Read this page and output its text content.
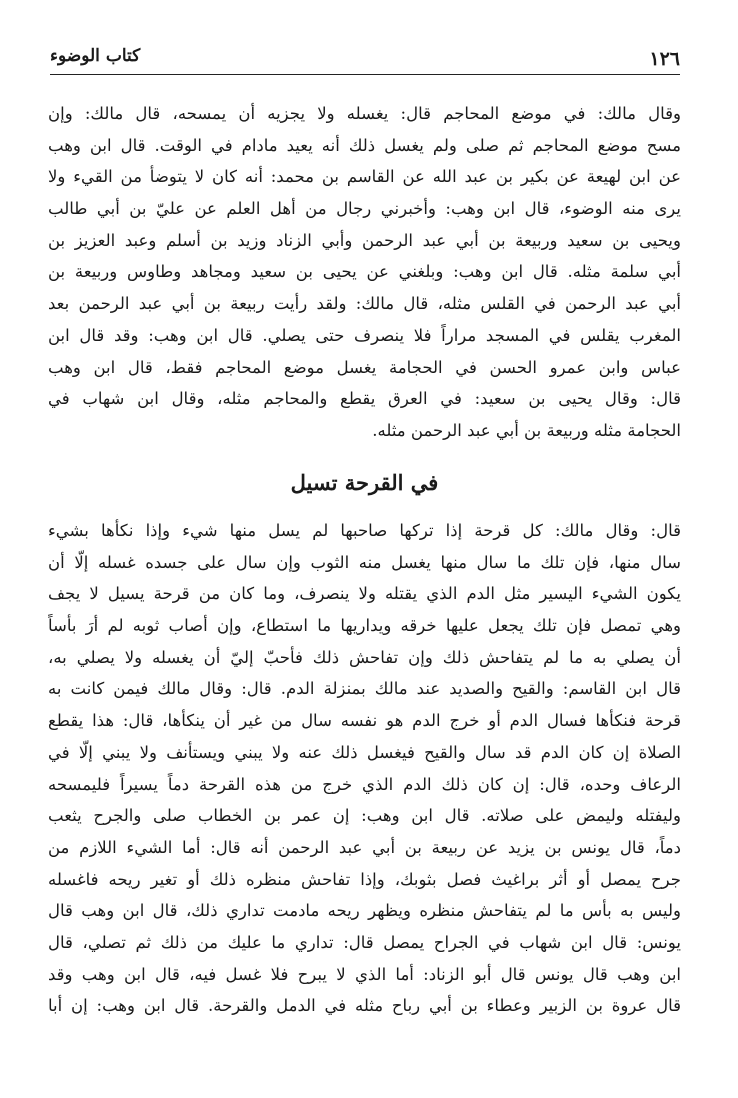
١٢٦
كتاب الوضوء
وقال مالك: في موضع المحاجم قال: يغسله ولا يجزيه أن يمسحه، قال مالك: وإن
مسح موضع المحاجم ثم صلى ولم يغسل ذلك أنه يعيد مادام في الوقت. قال ابن وهب
عن ابن لهيعة عن بكير بن عبد الله عن القاسم بن محمد: أنه كان لا يتوضأ من القيء ولا
يرى منه الوضوء، قال ابن وهب: وأخبرني رجال من أهل العلم عن عليّ بن أبي طالب
ويحيى بن سعيد وربيعة بن أبي عبد الرحمن وأبي الزناد وزيد بن أسلم وعبد العزيز بن
أبي سلمة مثله. قال ابن وهب: وبلغني عن يحيى بن سعيد ومجاهد وطاوس وربيعة بن
أبي عبد الرحمن في القلس مثله، قال مالك: ولقد رأيت ربيعة بن أبي عبد الرحمن بعد
المغرب يقلس في المسجد مراراً فلا ينصرف حتى يصلي. قال ابن وهب: وقد قال ابن
عباس وابن عمرو الحسن في الحجامة يغسل موضع المحاجم فقط، قال ابن وهب
قال: وقال يحيى بن سعيد: في العرق يقطع والمحاجم مثله، وقال ابن شهاب في
الحجامة مثله وربيعة بن أبي عبد الرحمن مثله.
في القرحة تسيل
قال: وقال مالك: كل قرحة إذا تركها صاحبها لم يسل منها شيء وإذا نكأها بشيء
سال منها، فإن تلك ما سال منها يغسل منه الثوب وإن سال على جسده غسله إلّا أن
يكون الشيء اليسير مثل الدم الذي يقتله ولا ينصرف، وما كان من قرحة يسيل لا يجف
وهي تمصل فإن تلك يجعل عليها خرقه ويداريها ما استطاع، وإن أصاب ثوبه لم أرَ بأساً
أن يصلي به ما لم يتفاحش ذلك وإن تفاحش ذلك فأحبّ إليّ أن يغسله ولا يصلي به،
قال ابن القاسم: والقيح والصديد عند مالك بمنزلة الدم. قال: وقال مالك فيمن كانت به
قرحة فنكأها فسال الدم أو خرج الدم هو نفسه سال من غير أن ينكأها، قال: هذا يقطع
الصلاة إن كان الدم قد سال والقيح فيغسل ذلك عنه ولا يبني ويستأنف ولا يبني إلّا في
الرعاف وحده، قال: إن كان ذلك الدم الذي خرج من هذه القرحة دماً يسيراً فليمسحه
وليفتله وليمض على صلاته. قال ابن وهب: إن عمر بن الخطاب صلى والجرح يثعب
دماً، قال يونس بن يزيد عن ربيعة بن أبي عبد الرحمن أنه قال: أما الشيء اللازم من
جرح يمصل أو أثر براغيث فصل بثوبك، وإذا تفاحش منظره ذلك أو تغير ريحه فاغسله
وليس به بأس ما لم يتفاحش منظره ويظهر ريحه مادمت تداري ذلك، قال ابن وهب قال
يونس: قال ابن شهاب في الجراح يمصل قال: تداري ما عليك من ذلك ثم تصلي، قال
ابن وهب قال يونس قال أبو الزناد: أما الذي لا يبرح فلا غسل فيه، قال ابن وهب وقد
قال عروة بن الزبير وعطاء بن أبي رباح مثله في الدمل والقرحة. قال ابن وهب: إن أبا
